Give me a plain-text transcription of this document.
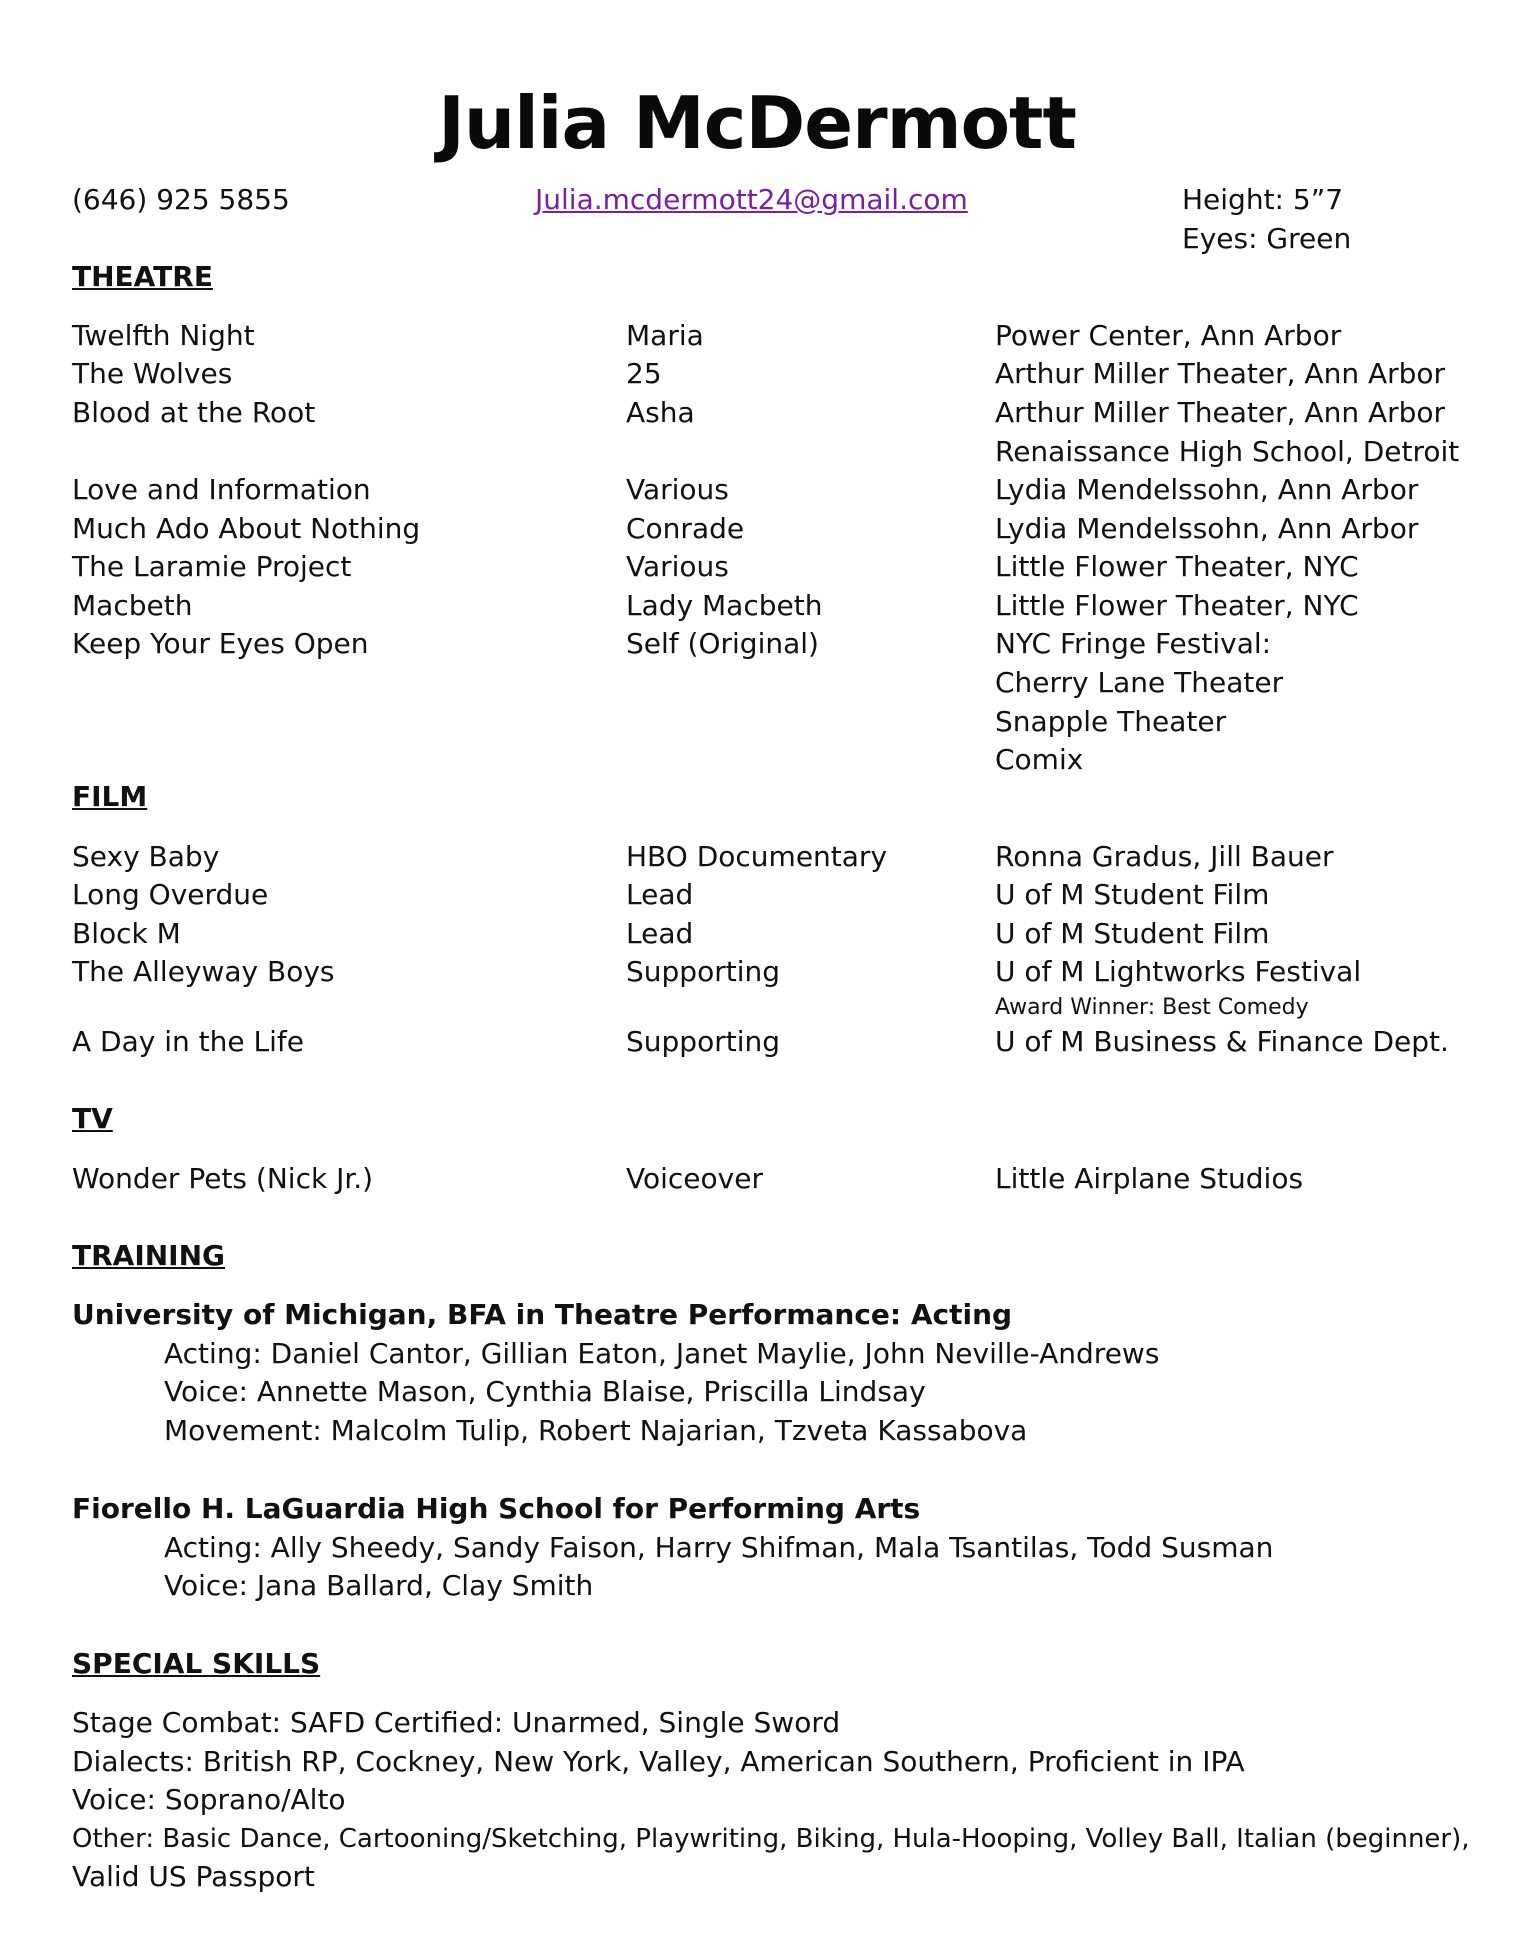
Julia McDermott
(646) 925 5855	Julia.mcdermott24@gmail.com	Height: 5”7
Eyes: Green
THEATRE
Twelfth Night	Maria	Power Center, Ann Arbor
The Wolves	25	Arthur Miller Theater, Ann Arbor
Blood at the Root	Asha	Arthur Miller Theater, Ann Arbor
Renaissance High School, Detroit
Love and Information	Various	Lydia Mendelssohn, Ann Arbor
Much Ado About Nothing	Conrade	Lydia Mendelssohn, Ann Arbor
The Laramie Project	Various	Little Flower Theater, NYC
Macbeth	Lady Macbeth	Little Flower Theater, NYC
Keep Your Eyes Open	Self (Original)	NYC Fringe Festival:
Cherry Lane Theater
Snapple Theater
Comix
FILM
Sexy Baby	HBO Documentary	Ronna Gradus, Jill Bauer
Long Overdue	Lead	U of M Student Film
Block M	Lead	U of M Student Film
The Alleyway Boys	Supporting	U of M Lightworks Festival
Award Winner: Best Comedy
A Day in the Life	Supporting	U of M Business & Finance Dept.
TV
Wonder Pets (Nick Jr.)	Voiceover	Little Airplane Studios
TRAINING
University of Michigan, BFA in Theatre Performance: Acting
Acting: Daniel Cantor, Gillian Eaton, Janet Maylie, John Neville-Andrews
Voice: Annette Mason, Cynthia Blaise, Priscilla Lindsay
Movement: Malcolm Tulip, Robert Najarian, Tzveta Kassabova
Fiorello H. LaGuardia High School for Performing Arts
Acting: Ally Sheedy, Sandy Faison, Harry Shifman, Mala Tsantilas, Todd Susman
Voice: Jana Ballard, Clay Smith
SPECIAL SKILLS
Stage Combat: SAFD Certified: Unarmed, Single Sword
Dialects: British RP, Cockney, New York, Valley, American Southern, Proficient in IPA
Voice: Soprano/Alto
Other: Basic Dance, Cartooning/Sketching, Playwriting, Biking, Hula-Hooping, Volley Ball, Italian (beginner),
Valid US Passport
